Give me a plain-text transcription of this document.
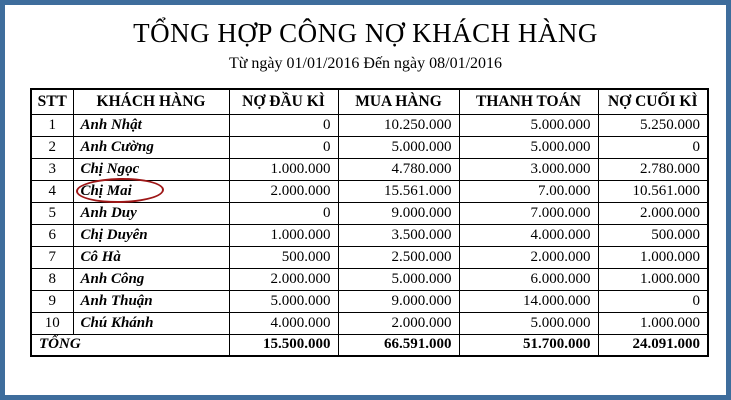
TỔNG HỢP CÔNG NỢ KHÁCH HÀNG
Từ ngày 01/01/2016 Đến ngày 08/01/2016
STT	KHÁCH HÀNG	NỢ ĐẦU KÌ	MUA HÀNG	THANH TOÁN	NỢ CUỐI KÌ
1	Anh Nhật	0	10.250.000	5.000.000	5.250.000
2	Anh Cường	0	5.000.000	5.000.000	0
3	Chị Ngọc	1.000.000	4.780.000	3.000.000	2.780.000
4	Chị Mai	2.000.000	15.561.000	7.00.000	10.561.000
5	Anh Duy	0	9.000.000	7.000.000	2.000.000
6	Chị Duyên	1.000.000	3.500.000	4.000.000	500.000
7	Cô Hà	500.000	2.500.000	2.000.000	1.000.000
8	Anh Công	2.000.000	5.000.000	6.000.000	1.000.000
9	Anh Thuận	5.000.000	9.000.000	14.000.000	0
10	Chú Khánh	4.000.000	2.000.000	5.000.000	1.000.000
TỔNG		15.500.000	66.591.000	51.700.000	24.091.000
